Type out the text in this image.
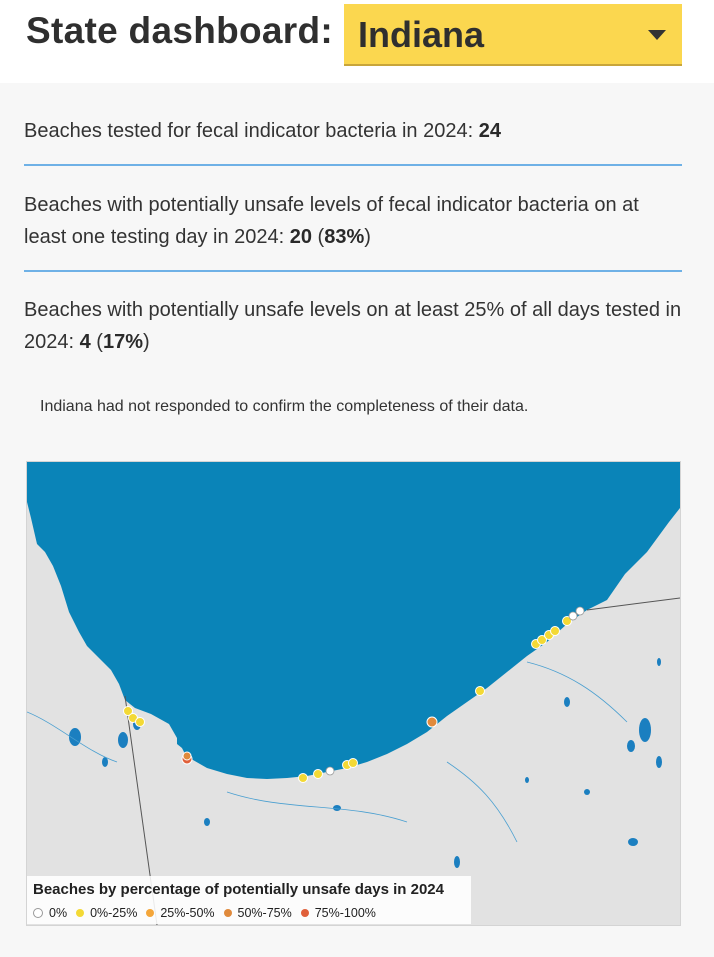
State dashboard: Indiana
Beaches tested for fecal indicator bacteria in 2024: 24
Beaches with potentially unsafe levels of fecal indicator bacteria on at least one testing day in 2024: 20 (83%)
Beaches with potentially unsafe levels on at least 25% of all days tested in 2024: 4 (17%)
Indiana had not responded to confirm the completeness of their data.
Beaches by percentage of potentially unsafe days in 2024
0% 0%-25% 25%-50% 50%-75% 75%-100%
